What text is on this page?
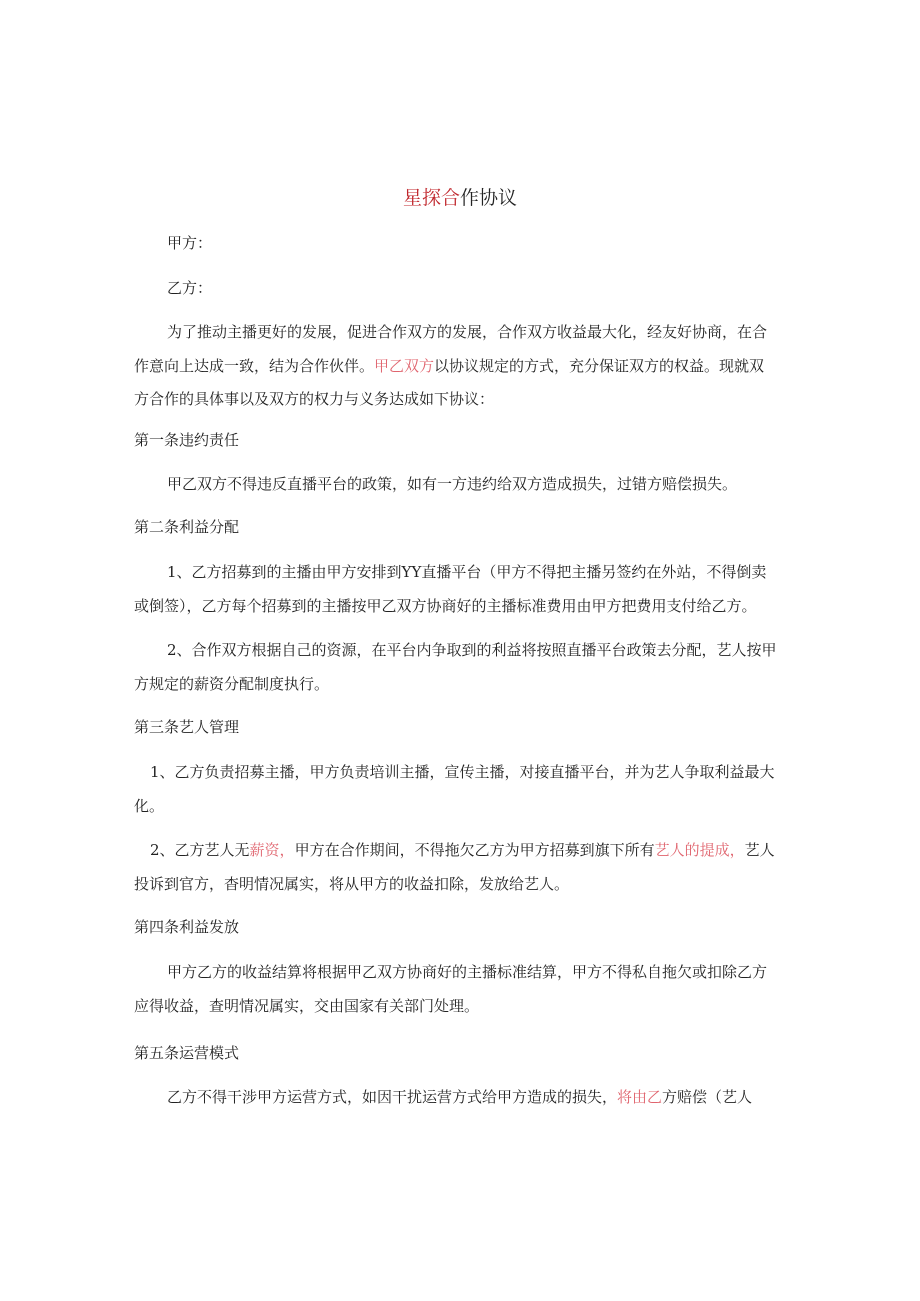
星探合作协议
甲方：
乙方：
为了推动主播更好的发展，促进合作双方的发展，合作双方收益最大化，经友好协商，在合
作意向上达成一致，结为合作伙伴。甲乙双方以协议规定的方式，充分保证双方的权益。现就双
方合作的具体事以及双方的权力与义务达成如下协议：
第一条违约责任
甲乙双方不得违反直播平台的政策，如有一方违约给双方造成损失，过错方赔偿损失。
第二条利益分配
1、乙方招募到的主播由甲方安排到YY直播平台（甲方不得把主播另签约在外站，不得倒卖
或倒签），乙方每个招募到的主播按甲乙双方协商好的主播标准费用由甲方把费用支付给乙方。
2、合作双方根据自己的资源，在平台内争取到的利益将按照直播平台政策去分配，艺人按甲
方规定的薪资分配制度执行。
第三条艺人管理
1、乙方负责招募主播，甲方负责培训主播，宣传主播，对接直播平台，并为艺人争取利益最大
化。
2、乙方艺人无薪资，甲方在合作期间，不得拖欠乙方为甲方招募到旗下所有艺人的提成，艺人
投诉到官方，杳明情况属实，将从甲方的收益扣除，发放给艺人。
第四条利益发放
甲方乙方的收益结算将根据甲乙双方协商好的主播标准结算，甲方不得私自拖欠或扣除乙方
应得收益，查明情况属实，交由国家有关部门处理。
第五条运营模式
乙方不得干涉甲方运营方式，如因干扰运营方式给甲方造成的损失，将由乙方赔偿（艺人
